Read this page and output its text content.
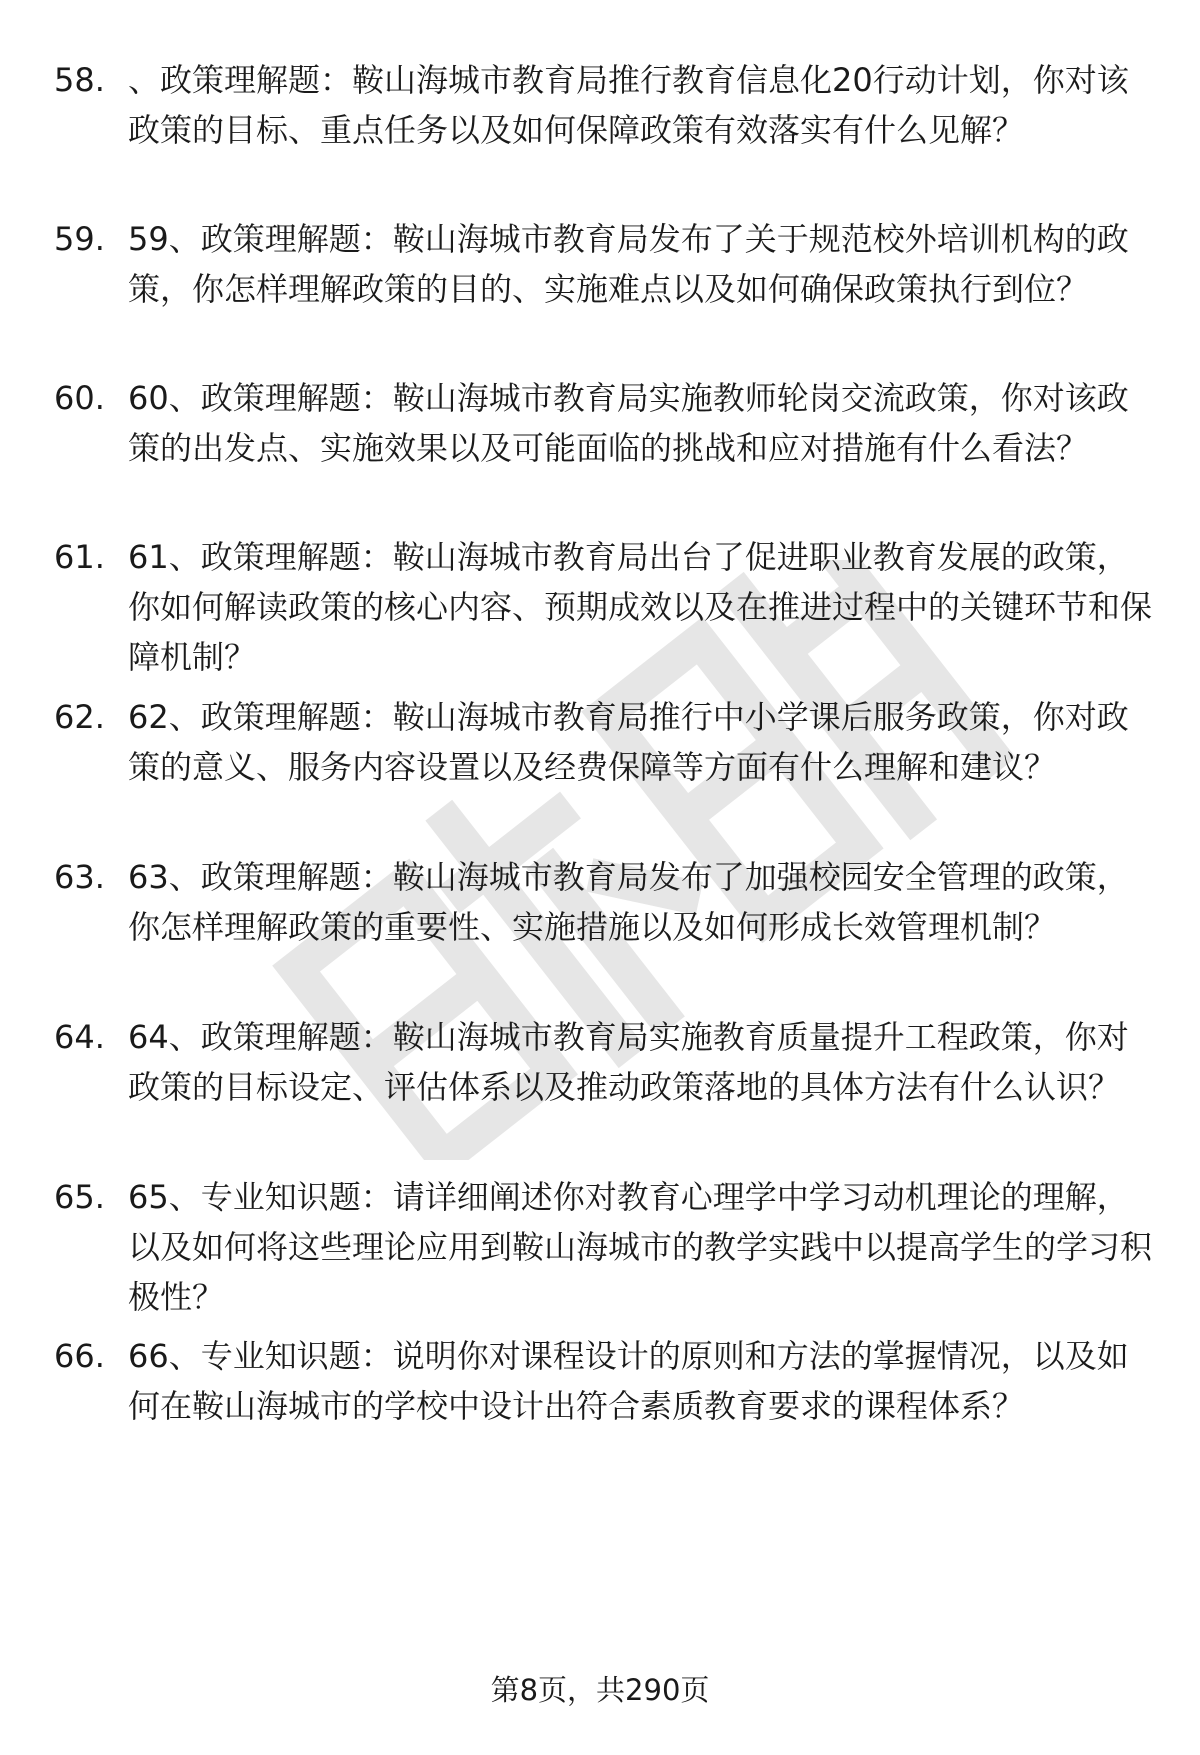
58. 、政策理解题：鞍山海城市教育局推行教育信息化20行动计划，你对该政策的目标、重点任务以及如何保障政策有效落实有什么见解？
59. 59、政策理解题：鞍山海城市教育局发布了关于规范校外培训机构的政策，你怎样理解政策的目的、实施难点以及如何确保政策执行到位？
60. 60、政策理解题：鞍山海城市教育局实施教师轮岗交流政策，你对该政策的出发点、实施效果以及可能面临的挑战和应对措施有什么看法？
61. 61、政策理解题：鞍山海城市教育局出台了促进职业教育发展的政策，你如何解读政策的核心内容、预期成效以及在推进过程中的关键环节和保障机制？
62. 62、政策理解题：鞍山海城市教育局推行中小学课后服务政策，你对政策的意义、服务内容设置以及经费保障等方面有什么理解和建议？
63. 63、政策理解题：鞍山海城市教育局发布了加强校园安全管理的政策，你怎样理解政策的重要性、实施措施以及如何形成长效管理机制？
64. 64、政策理解题：鞍山海城市教育局实施教育质量提升工程政策，你对政策的目标设定、评估体系以及推动政策落地的具体方法有什么认识？
65. 65、专业知识题：请详细阐述你对教育心理学中学习动机理论的理解，以及如何将这些理论应用到鞍山海城市的教学实践中以提高学生的学习积极性？
66. 66、专业知识题：说明你对课程设计的原则和方法的掌握情况，以及如何在鞍山海城市的学校中设计出符合素质教育要求的课程体系？
第8页，共290页
